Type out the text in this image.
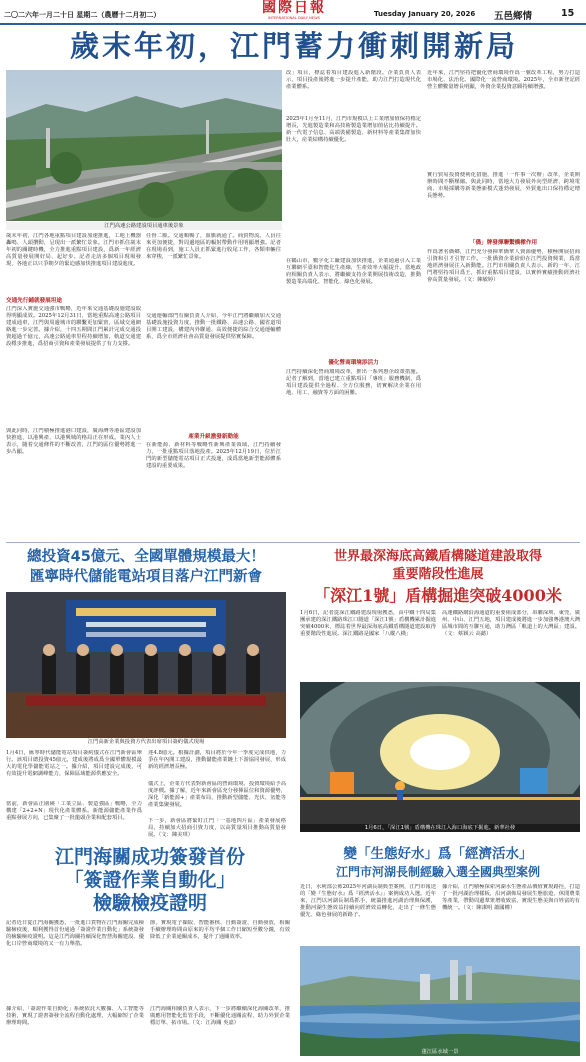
二〇二六年一月二十日 星期二（農曆十二月初二）	國際日報
INTERNATIONAL DAILY NEWS	Tuesday January 20, 2026 五邑鄉情	15
歲末年初，江門蓄力衝刺開新局
江門高速公路建設項目通車後景象
歲末年初，江門各地重點項目建設加速推進，工地上機器轟鳴、人頭攢動，呈現出一派繁忙景象。江門市抓住歲末年初的關鍵時機，全力推進重點項目建設，爲新一年經濟高質量發展開好局、起好步。記者走訪多個項目現場發現，各地正以只爭朝夕的緊迫感加快推進項目建設進度。
交通先行鋪就發展坦途
江門深入實施交通強市戰略，近年來交通基礎設施建設取得明顯成效。2025年12月31日，當地重點高速公路項目建成通車，江門與周邊城市的聯繫更加緊密，區域交通網絡進一步完善。據介紹，十四五期間江門累計完成交通投資超過千億元，高速公路通車里程持續增加，軌道交通建設穩步推進，爲招商引資和產業發展提供了有力支撐。
與此同時，江門積極推進港口建設，廣海灣等港區建設加快推進，以港興產、以港興城的格局正在形成。業內人士表示，隨着交通條件的不斷改善，江門的區位優勢將進一步凸顯。
任督二脈。交通順暢了，血脈就通了。商貿物流、人員往來更加便捷，對周邊地區的輻射帶動作用明顯增強。記者在現場看到，施工人員正抓緊進行收尾工作，各類車輛往來穿梭，一派繁忙景象。
交通運輸部門有關負責人介紹，今年江門將繼續加大交通基礎設施投資力度，推動一批鐵路、高速公路、國省道項目開工建設，構建內外聯通、高效便捷的綜合交通運輸體系，爲全市經濟社會高質量發展提供堅實保障。
產業升級激發新動能
在新能源、新材料等戰略性新興產業領域，江門持續發力，一批重點項目落地投產。2025年12月19日，位於江門的新型儲能電站項目正式投運，成爲當地新型能源體系建設的重要成果。
改」項目，標誌着項目建設進入新階段。企業負責人表示，項目投產後將進一步提升產能，助力江門打造現代化產業體系。
2025年1月至11月，江門市規模以上工業增加值保持穩定增長，先進製造業和高技術製造業增加值佔比持續提升。新一代電子信息、高端裝備製造、新材料等產業集群加快壯大，産業結構持續優化。
在鶴山市，數字化工廠建設加快推進，企業通過引入工業互聯網平臺和智能化生產線，生產效率大幅提升。當地政府相關負責人表示，將繼續支持企業開展技術改造，推動製造業高端化、智能化、綠色化發展。
優化營商環境添活力
江門持續深化營商環境改革，推出一系列惠企政策措施。記者了解到，當地已建立重點項目「專班」服務機制，爲項目建設提供全過程、全方位服務，切實解決企業在用地、用工、融資等方面的困難。
近年來，江門堅持把優化營商環境作爲一號改革工程，努力打造市場化、法治化、國際化一流營商環境。2025年，全市新登記經營主體數量增長明顯，外資企業投資意願持續增強。
實行貿易投資便利化措施，推進「一件事一次辦」改革，企業開辦時間不斷壓縮。與此同時，當地大力發展外向型經濟，跨境電商、市場採購等新業態新模式蓬勃發展，外貿進出口保持穩定增長態勢。
「僑」牌發揮聯繫橋樑作用
作爲著名僑鄉，江門充分發揮華僑華人資源優勢，積極開展招商引資和引才引智工作。一批僑資企業紛紛在江門投資興業，爲當地經濟發展注入新動能。江門市相關負責人表示，新的一年，江門將堅持項目爲王，抓好重點項目建設，以實幹實績推動經濟社會高質量發展。（文：陳敏婷）
總投資45億元、全國單體規模最大！
匯寧時代儲能電站項目落户江門新會
江門高新企業與投資方代表出席項目簽約儀式現場
1月4日，匯寧時代儲能電站項目簽約儀式在江門新會區舉行。該項目總投資45億元，建成後將成爲全國單體規模最大的電化學儲能電站之一。據介紹，項目建設完成後，可有效提升電網調峰能力，保障區域能源供應安全。
當前，新會區正圍繞「工業立區、製造強區」戰略，全力構建「2+2+N」現代化產業體系。新能源儲能產業作爲重點發展方向，已集聚了一批龍頭企業和配套項目。
達4.8億元。根據計劃，項目將於今年一季度完成供地，力爭在年內開工建設，推動儲能產業鏈上下游協同發展，形成新的經濟增長極。
儀式上，企業方代表對新會區的營商環境、投資環境給予高度評價。據了解，近年來新會區充分發揮區位和資源優勢，深化「新能源+」產業布局，推動新型儲能、光伏、氫能等產業集聚發展。
下一步，新會區將緊盯江門「一基地四片區」產業發展格局，持續加大招商引資力度，以高質量項目推動高質量發展。（文：陳美琪）
世界最深海底高鐵盾構隧道建設取得
重要階段性進展
「深江1號」盾構掘進突破4000米
1月6日，記者從深江鐵路建設現場獲悉，由中鐵十四局集團承建的深江鐵路珠江口隧道「深江1號」盾構機累計掘進突破4000米，標誌着世界最深海底高鐵盾構隧道建設取得重要階段性進展。深江鐵路是國家「八縱八橫」
高速鐵路網沿海通道的重要組成部分，串聯深圳、東莞、廣州、中山、江門五地，項目建成後將進一步加強粵港澳大灣區城市間的互聯互通，助力灣區「軌道上的大灣區」建設。（文：蔡穎云 高懿）
1月6日，「深江1號」盾構機在珠江入海口海底下掘進。新華社發
江門海關成功簽發首份
「簽證作業自動化」
檢驗檢疫證明
記者近日從江門海關獲悉，一批進口貨物在江門海關完成檢驗檢疫後，順利獲得首份通過「簽證作業自動化」系統簽發的檢驗檢疫證明。這是江門海關持續深化智慧海關建設、優化口岸營商環境的又一有力舉措。
據介紹，「簽證作業自動化」系統依託大數據、人工智能等技術，實現了證書簽發全流程自動化處理，大幅縮短了企業辦理時間。
節，實現電子擷取、智能審核、自動簽證、自動發放，相關手續辦理時間由原來的平均半個工作日縮短至數分鐘，有效降低了企業通關成本，提升了通關效率。
江門海關相關負責人表示，下一步將繼續深化海關改革，推廣應用智能化監管手段，不斷優化通關流程，助力外貿企業穩訂單、拓市場。（文：江海關 吳嘉）
變「生態好水」爲「經濟活水」
江門市河湖長制經驗入選全國典型案例
近日，水利部公佈2025年河湖長制典型案例，江門市報送的「變『生態好水』爲『經濟活水』」案例成功入選。近年來，江門以河湖長制爲抓手，統籌推進河湖治理與保護，推動河湖生態效益持續向經濟效益轉化，走出了一條生態優先、綠色發展的新路子。
據介紹，江門積極探索河湖水生態產品價值實現路徑，打造了一批河湖治理樣板，沿河湖佈局發展生態旅遊、休閒農業等產業，帶動周邊羣衆增收致富，實現生態美與百姓富的有機統一。（文：陳潔明 蕭國權）
蓬江區水域一景
